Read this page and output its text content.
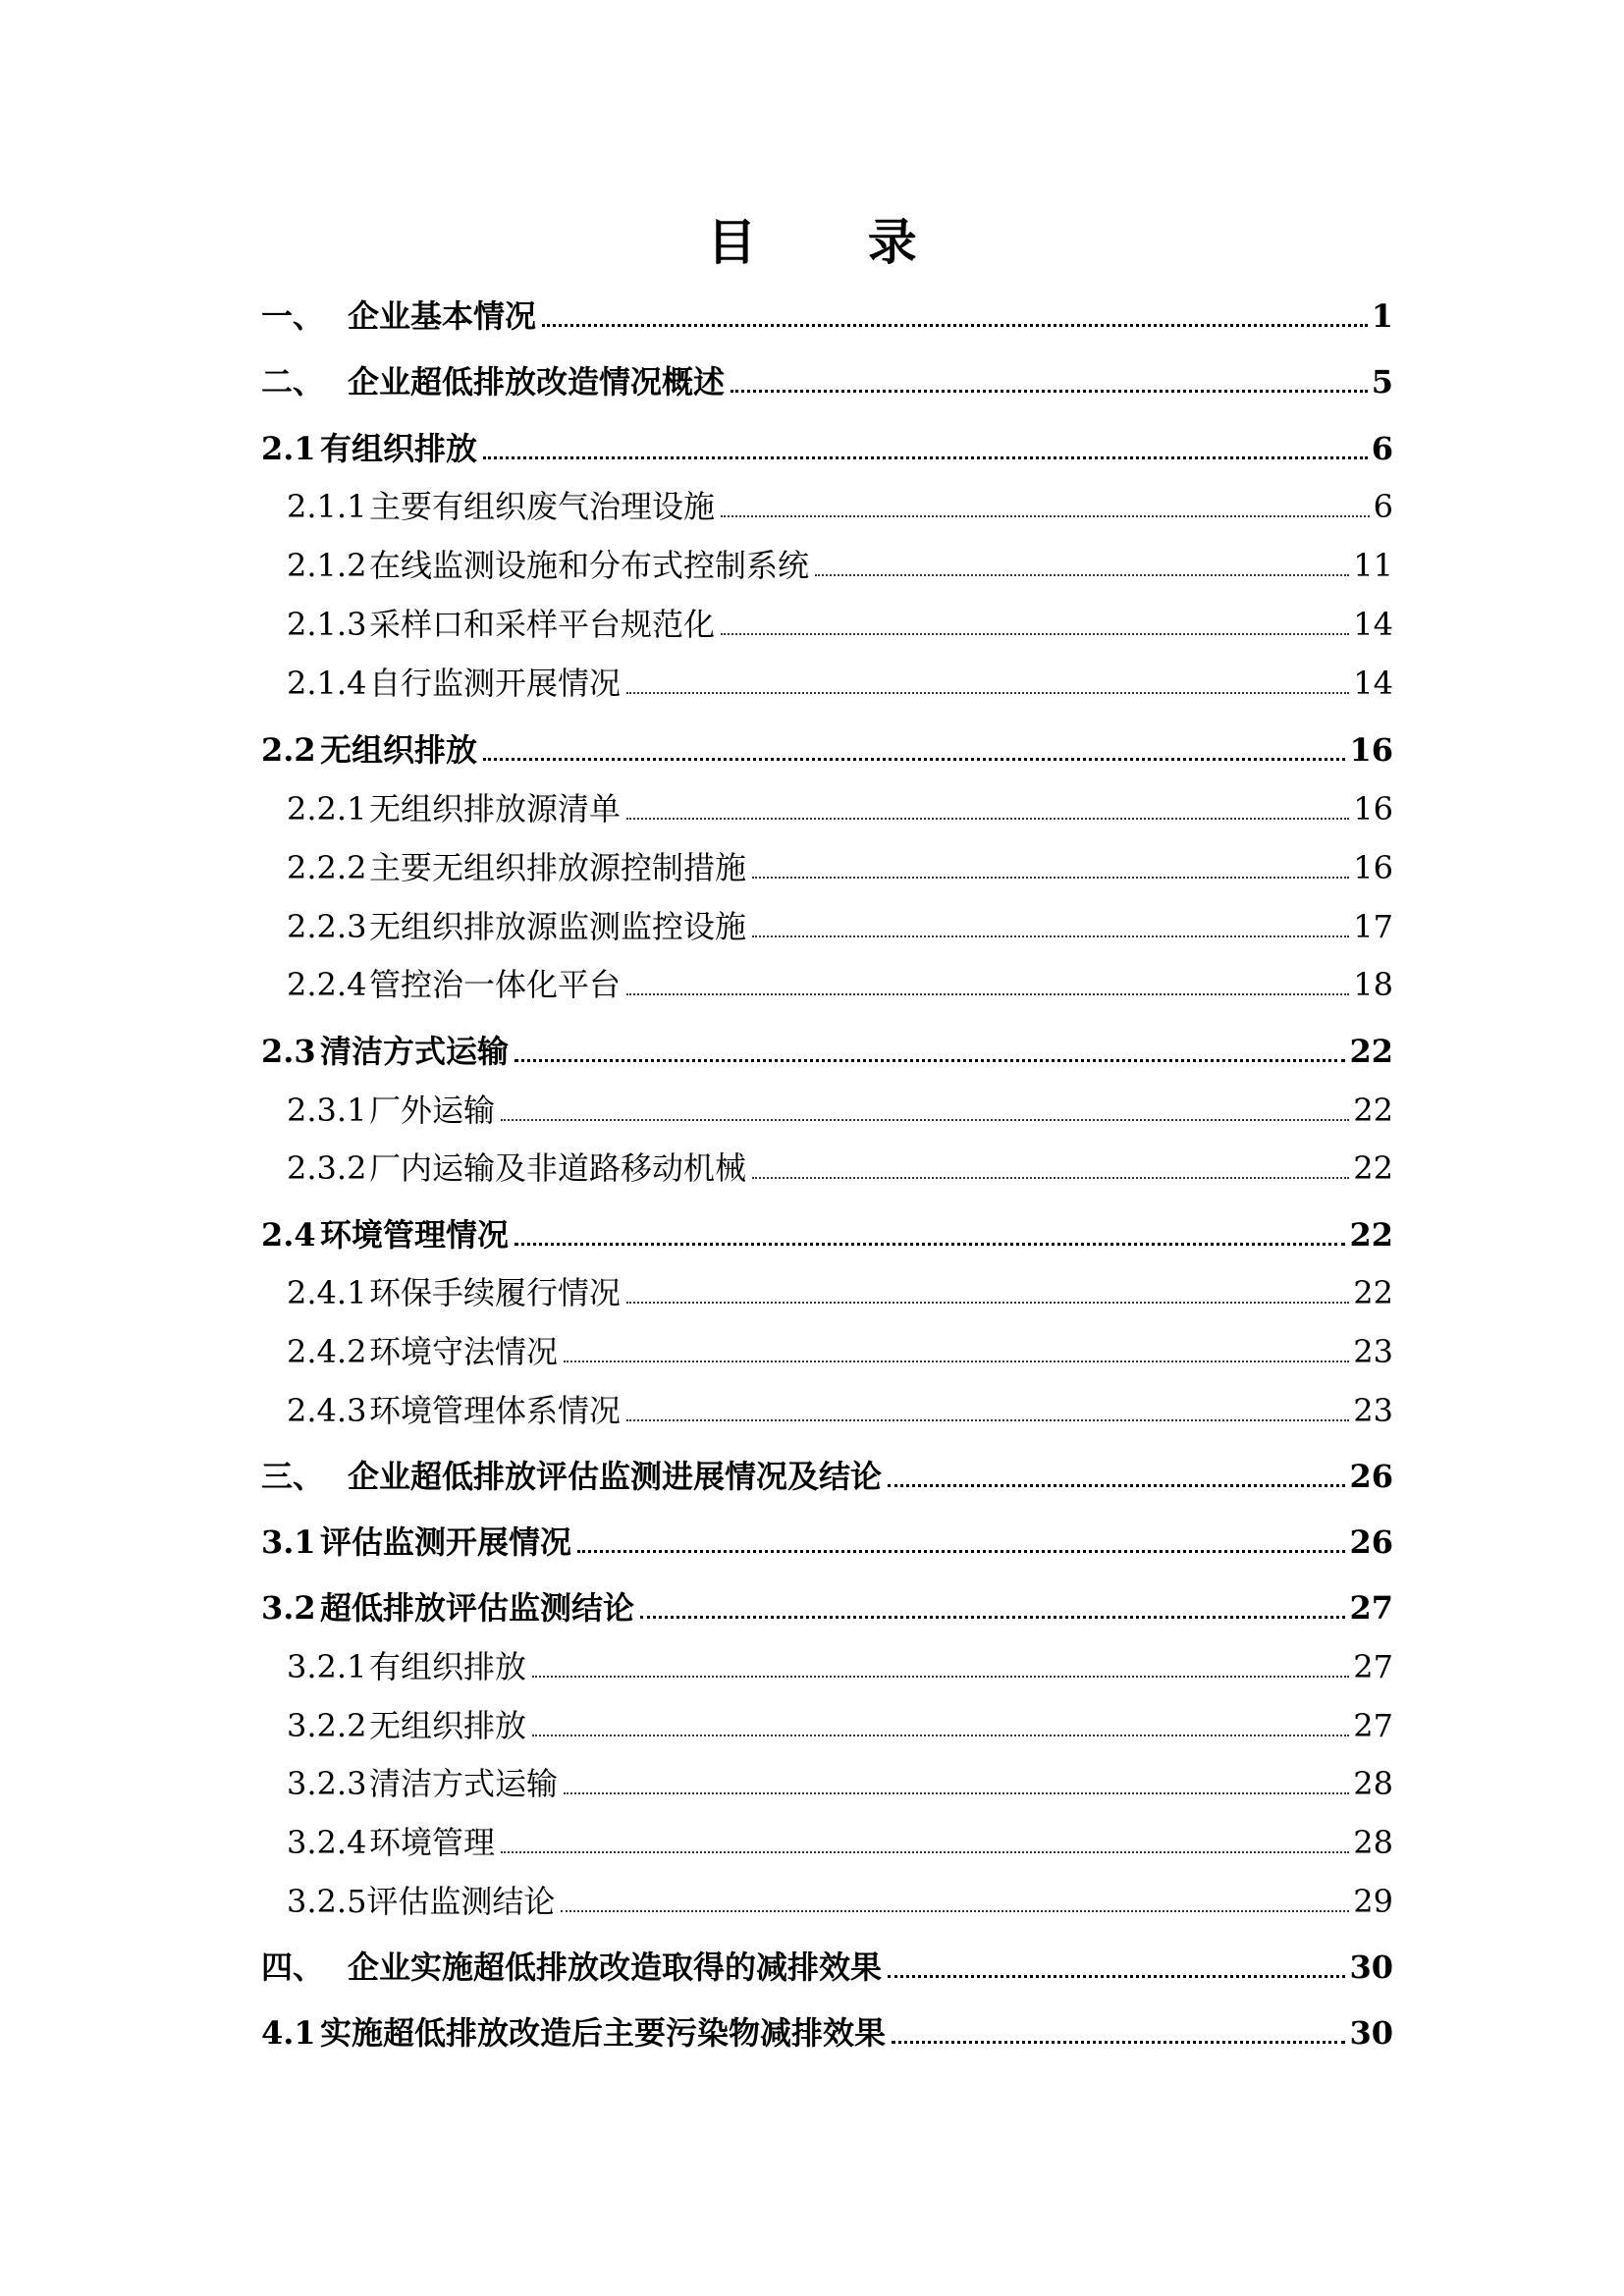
目 录
一、 企业基本情况	1
二、 企业超低排放改造情况概述	5
2.1 有组织排放	6
2.1.1 主要有组织废气治理设施	6
2.1.2 在线监测设施和分布式控制系统	11
2.1.3 采样口和采样平台规范化	14
2.1.4 自行监测开展情况	14
2.2 无组织排放	16
2.2.1 无组织排放源清单	16
2.2.2 主要无组织排放源控制措施	16
2.2.3 无组织排放源监测监控设施	17
2.2.4 管控治一体化平台	18
2.3 清洁方式运输	22
2.3.1 厂外运输	22
2.3.2 厂内运输及非道路移动机械	22
2.4 环境管理情况	22
2.4.1 环保手续履行情况	22
2.4.2 环境守法情况	23
2.4.3 环境管理体系情况	23
三、 企业超低排放评估监测进展情况及结论	26
3.1 评估监测开展情况	26
3.2 超低排放评估监测结论	27
3.2.1 有组织排放	27
3.2.2 无组织排放	27
3.2.3 清洁方式运输	28
3.2.4 环境管理	28
3.2.5 评估监测结论	29
四、 企业实施超低排放改造取得的减排效果	30
4.1 实施超低排放改造后主要污染物减排效果	30
